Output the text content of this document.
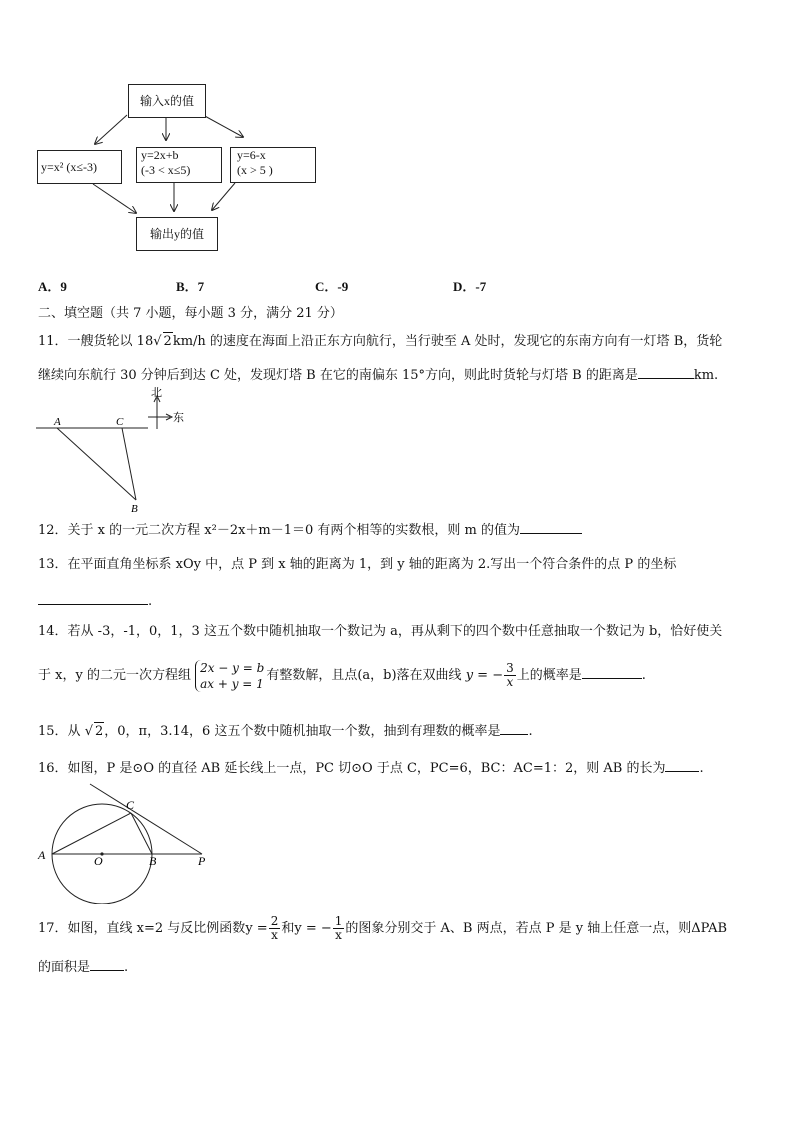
输入x的值
y=x² (x≤-3)
y=2x+b
(-3 < x≤5)
y=6-x
(x > 5 )
输出y的值
A．9	B．7	C．-9	D．-7
二、填空题（共 7 小题，每小题 3 分，满分 21 分）
11．一艘货轮以 18√ 2km/h 的速度在海面上沿正东方向航行，当行驶至 A 处时，发现它的东南方向有一灯塔 B，货轮
继续向东航行 30 分钟后到达 C 处，发现灯塔 B 在它的南偏东 15°方向，则此时货轮与灯塔 B 的距离是	km.
北
东
A	C
B
12．关于 x 的一元二次方程 x²－2x＋m－1＝0 有两个相等的实数根，则 m 的值为
13．在平面直角坐标系 xOy 中，点 P 到 x 轴的距离为 1，到 y 轴的距离为 2.写出一个符合条件的点 P 的坐标
.
14．若从 -3，-1，0，1，3 这五个数中随机抽取一个数记为 a，再从剩下的四个数中任意抽取一个数记为 b，恰好使关
于 x，y 的二元一次方程组
2x − y = b
ax + y = 1
有整数解，且点(a，b)落在双曲线 y = − $\frac{3}{x}$ 上的概率是	.
15．从 √ 2，0，π，3.14，6 这五个数中随机抽取一个数，抽到有理数的概率是 .
16．如图，P 是⊙O 的直径 AB 延长线上一点，PC 切⊙O 于点 C，PC=6，BC：AC=1：2，则 AB 的长为	.
A	O	B
C
P
17．如图，直线 x=2 与反比例函数$y = \frac{2}{x}$ 和y = − $\frac{1}{x}$ 的图象分别交于 A、B 两点，若点 P 是 y 轴上任意一点，则ΔPAB
的面积是	.
